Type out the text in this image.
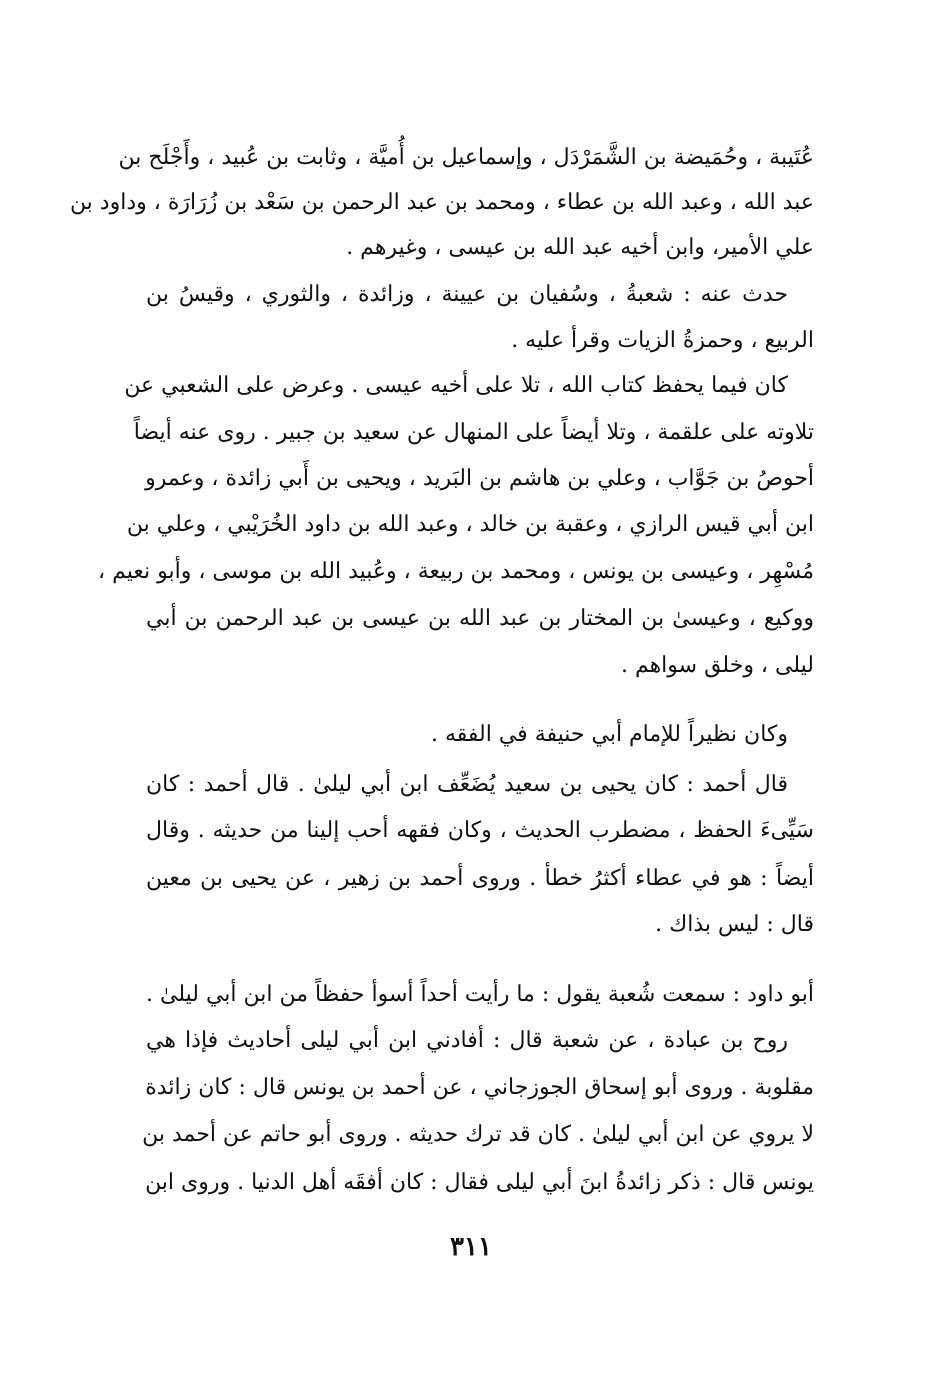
عُتَيبة ، وحُمَيضة بن الشَّمَرْدَل ، وإسماعيل بن أُميَّة ، وثابت بن عُبيد ، وأَجْلَح بن
عبد الله ، وعبد الله بن عطاء ، ومحمد بن عبد الرحمن بن سَعْد بن زُرَارَة ، وداود بن
علي الأمير، وابن أخيه عبد الله بن عيسى ، وغيرهم .
حدث عنه : شعبةُ ، وسُفيان بن عيينة ، وزائدة ، والثوري ، وقيسُ بن
الربيع ، وحمزةُ الزيات وقرأ عليه .
كان فيما يحفظ كتاب الله ، تلا على أخيه عيسى . وعرض على الشعبي عن
تلاوته على علقمة ، وتلا أيضاً على المنهال عن سعيد بن جبير . روى عنه أيضاً
أحوصُ بن جَوَّاب ، وعلي بن هاشم بن البَريد ، ويحيى بن أَبي زائدة ، وعمرو
ابن أبي قيس الرازي ، وعقبة بن خالد ، وعبد الله بن داود الخُرَيْبي ، وعلي بن
مُسْهِر ، وعيسى بن يونس ، ومحمد بن ربيعة ، وعُبيد الله بن موسى ، وأبو نعيم ،
ووكيع ، وعيسىٰ بن المختار بن عبد الله بن عيسى بن عبد الرحمن بن أبي
ليلى ، وخلق سواهم .
وكان نظيراً للإمام أبي حنيفة في الفقه .
قال أحمد : كان يحيى بن سعيد يُضَعِّف ابن أبي ليلىٰ . قال أحمد : كان
سَيِّىءَ الحفظ ، مضطرب الحديث ، وكان فقهه أحب إلينا من حديثه . وقال
أيضاً : هو في عطاء أكثرُ خطأ . وروى أحمد بن زهير ، عن يحيى بن معين
قال : ليس بذاك .
أبو داود : سمعت شُعبة يقول : ما رأيت أحداً أسوأ حفظاً من ابن أبي ليلىٰ .
روح بن عبادة ، عن شعبة قال : أفادني ابن أبي ليلى أحاديث فإذا هي
مقلوبة . وروى أبو إسحاق الجوزجاني ، عن أحمد بن يونس قال : كان زائدة
لا يروي عن ابن أبي ليلىٰ . كان قد ترك حديثه . وروى أبو حاتم عن أحمد بن
يونس قال : ذكر زائدةُ ابنَ أبي ليلى فقال : كان أفقَه أهل الدنيا . وروى ابن
٣١١
